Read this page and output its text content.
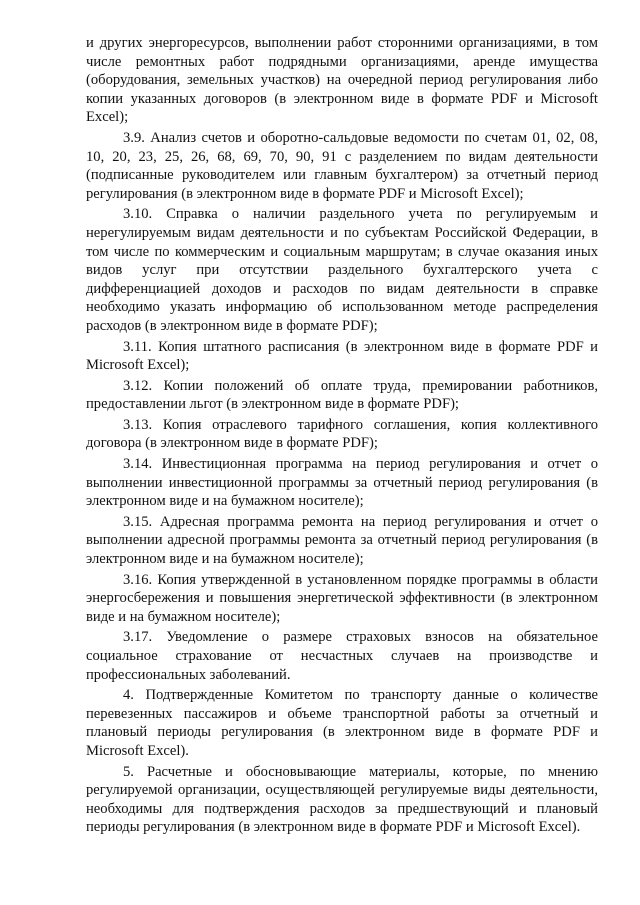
и других энергоресурсов, выполнении работ сторонними организациями, в том числе ремонтных работ подрядными организациями, аренде имущества (оборудования, земельных участков) на очередной период регулирования либо копии указанных договоров (в электронном виде в формате PDF и Microsoft Excel);

3.9. Анализ счетов и оборотно-сальдовые ведомости по счетам 01, 02, 08, 10, 20, 23, 25, 26, 68, 69, 70, 90, 91 с разделением по видам деятельности (подписанные руководителем или главным бухгалтером) за отчетный период регулирования (в электронном виде в формате PDF и Microsoft Excel);

3.10. Справка о наличии раздельного учета по регулируемым и нерегулируемым видам деятельности и по субъектам Российской Федерации, в том числе по коммерческим и социальным маршрутам; в случае оказания иных видов услуг при отсутствии раздельного бухгалтерского учета с дифференциацией доходов и расходов по видам деятельности в справке необходимо указать информацию об использованном методе распределения расходов (в электронном виде в формате PDF);

3.11. Копия штатного расписания (в электронном виде в формате PDF и Microsoft Excel);

3.12. Копии положений об оплате труда, премировании работников, предоставлении льгот (в электронном виде в формате PDF);

3.13. Копия отраслевого тарифного соглашения, копия коллективного договора (в электронном виде в формате PDF);

3.14. Инвестиционная программа на период регулирования и отчет о выполнении инвестиционной программы за отчетный период регулирования (в электронном виде и на бумажном носителе);

3.15. Адресная программа ремонта на период регулирования и отчет о выполнении адресной программы ремонта за отчетный период регулирования (в электронном виде и на бумажном носителе);

3.16. Копия утвержденной в установленном порядке программы в области энергосбережения и повышения энергетической эффективности (в электронном виде и на бумажном носителе);

3.17. Уведомление о размере страховых взносов на обязательное социальное страхование от несчастных случаев на производстве и профессиональных заболеваний.

4. Подтвержденные Комитетом по транспорту данные о количестве перевезенных пассажиров и объеме транспортной работы за отчетный и плановый периоды регулирования (в электронном виде в формате PDF и Microsoft Excel).

5. Расчетные и обосновывающие материалы, которые, по мнению регулируемой организации, осуществляющей регулируемые виды деятельности, необходимы для подтверждения расходов за предшествующий и плановый периоды регулирования (в электронном виде в формате PDF и Microsoft Excel).
